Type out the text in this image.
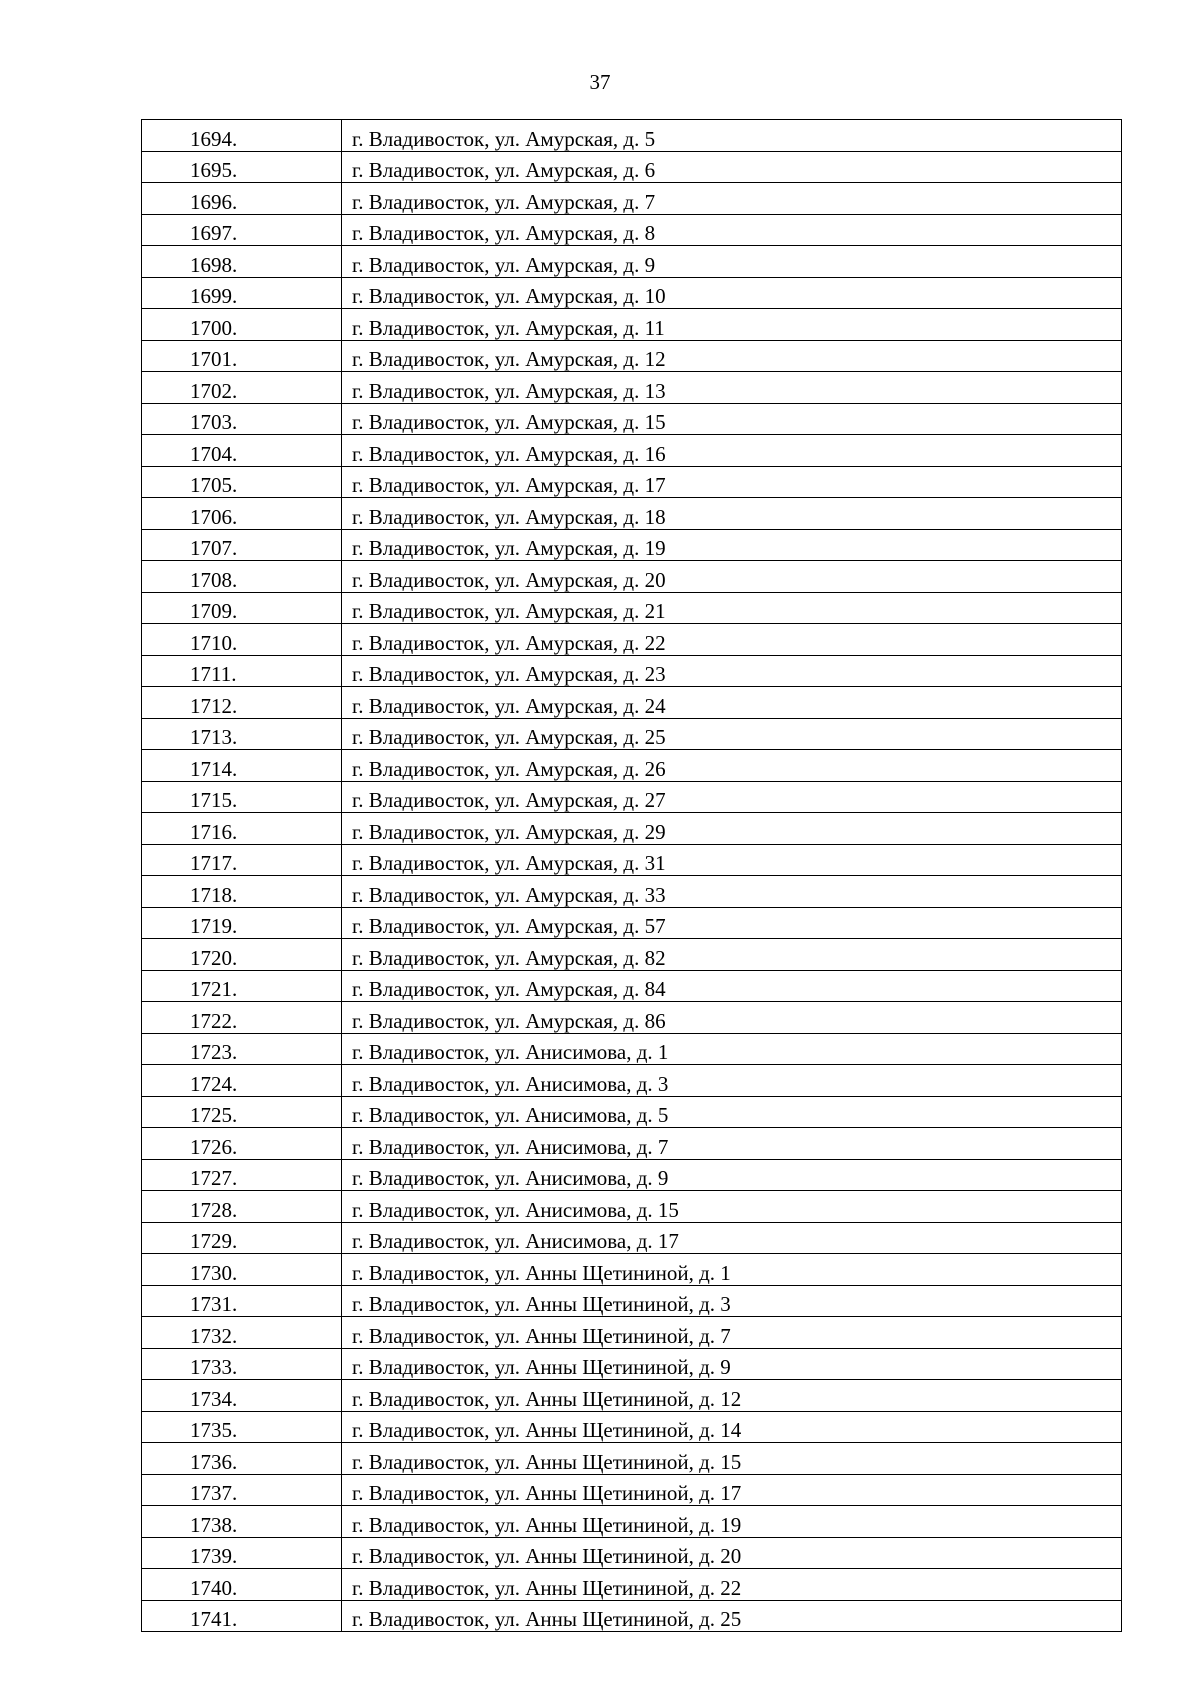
37
1694.	г. Владивосток, ул. Амурская, д. 5
1695.	г. Владивосток, ул. Амурская, д. 6
1696.	г. Владивосток, ул. Амурская, д. 7
1697.	г. Владивосток, ул. Амурская, д. 8
1698.	г. Владивосток, ул. Амурская, д. 9
1699.	г. Владивосток, ул. Амурская, д. 10
1700.	г. Владивосток, ул. Амурская, д. 11
1701.	г. Владивосток, ул. Амурская, д. 12
1702.	г. Владивосток, ул. Амурская, д. 13
1703.	г. Владивосток, ул. Амурская, д. 15
1704.	г. Владивосток, ул. Амурская, д. 16
1705.	г. Владивосток, ул. Амурская, д. 17
1706.	г. Владивосток, ул. Амурская, д. 18
1707.	г. Владивосток, ул. Амурская, д. 19
1708.	г. Владивосток, ул. Амурская, д. 20
1709.	г. Владивосток, ул. Амурская, д. 21
1710.	г. Владивосток, ул. Амурская, д. 22
1711.	г. Владивосток, ул. Амурская, д. 23
1712.	г. Владивосток, ул. Амурская, д. 24
1713.	г. Владивосток, ул. Амурская, д. 25
1714.	г. Владивосток, ул. Амурская, д. 26
1715.	г. Владивосток, ул. Амурская, д. 27
1716.	г. Владивосток, ул. Амурская, д. 29
1717.	г. Владивосток, ул. Амурская, д. 31
1718.	г. Владивосток, ул. Амурская, д. 33
1719.	г. Владивосток, ул. Амурская, д. 57
1720.	г. Владивосток, ул. Амурская, д. 82
1721.	г. Владивосток, ул. Амурская, д. 84
1722.	г. Владивосток, ул. Амурская, д. 86
1723.	г. Владивосток, ул. Анисимова, д. 1
1724.	г. Владивосток, ул. Анисимова, д. 3
1725.	г. Владивосток, ул. Анисимова, д. 5
1726.	г. Владивосток, ул. Анисимова, д. 7
1727.	г. Владивосток, ул. Анисимова, д. 9
1728.	г. Владивосток, ул. Анисимова, д. 15
1729.	г. Владивосток, ул. Анисимова, д. 17
1730.	г. Владивосток, ул. Анны Щетининой, д. 1
1731.	г. Владивосток, ул. Анны Щетининой, д. 3
1732.	г. Владивосток, ул. Анны Щетининой, д. 7
1733.	г. Владивосток, ул. Анны Щетининой, д. 9
1734.	г. Владивосток, ул. Анны Щетининой, д. 12
1735.	г. Владивосток, ул. Анны Щетининой, д. 14
1736.	г. Владивосток, ул. Анны Щетининой, д. 15
1737.	г. Владивосток, ул. Анны Щетининой, д. 17
1738.	г. Владивосток, ул. Анны Щетининой, д. 19
1739.	г. Владивосток, ул. Анны Щетининой, д. 20
1740.	г. Владивосток, ул. Анны Щетининой, д. 22
1741.	г. Владивосток, ул. Анны Щетининой, д. 25
